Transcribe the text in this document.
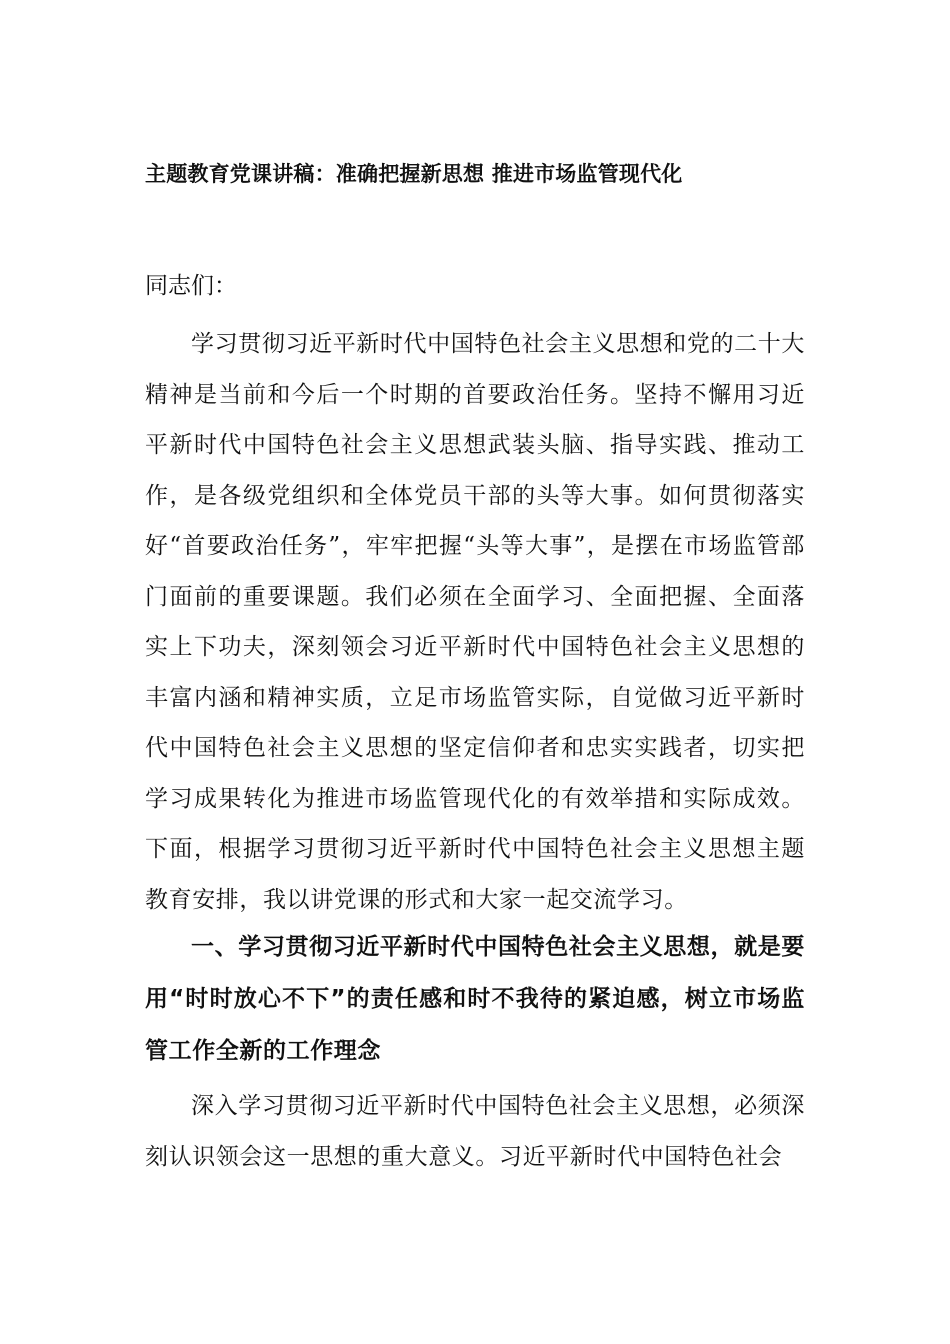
主题教育党课讲稿：准确把握新思想 推进市场监管现代化
同志们：

学习贯彻习近平新时代中国特色社会主义思想和党的二十大精神是当前和今后一个时期的首要政治任务。坚持不懈用习近平新时代中国特色社会主义思想武装头脑、指导实践、推动工作，是各级党组织和全体党员干部的头等大事。如何贯彻落实好“首要政治任务”，牢牢把握“头等大事”，是摆在市场监管部门面前的重要课题。我们必须在全面学习、全面把握、全面落实上下功夫，深刻领会习近平新时代中国特色社会主义思想的丰富内涵和精神实质，立足市场监管实际，自觉做习近平新时代中国特色社会主义思想的坚定信仰者和忠实实践者，切实把学习成果转化为推进市场监管现代化的有效举措和实际成效。下面，根据学习贯彻习近平新时代中国特色社会主义思想主题教育安排，我以讲党课的形式和大家一起交流学习。

一、学习贯彻习近平新时代中国特色社会主义思想，就是要用“时时放心不下”的责任感和时不我待的紧迫感，树立市场监管工作全新的工作理念

深入学习贯彻习近平新时代中国特色社会主义思想，必须深刻认识领会这一思想的重大意义。习近平新时代中国特色社会
